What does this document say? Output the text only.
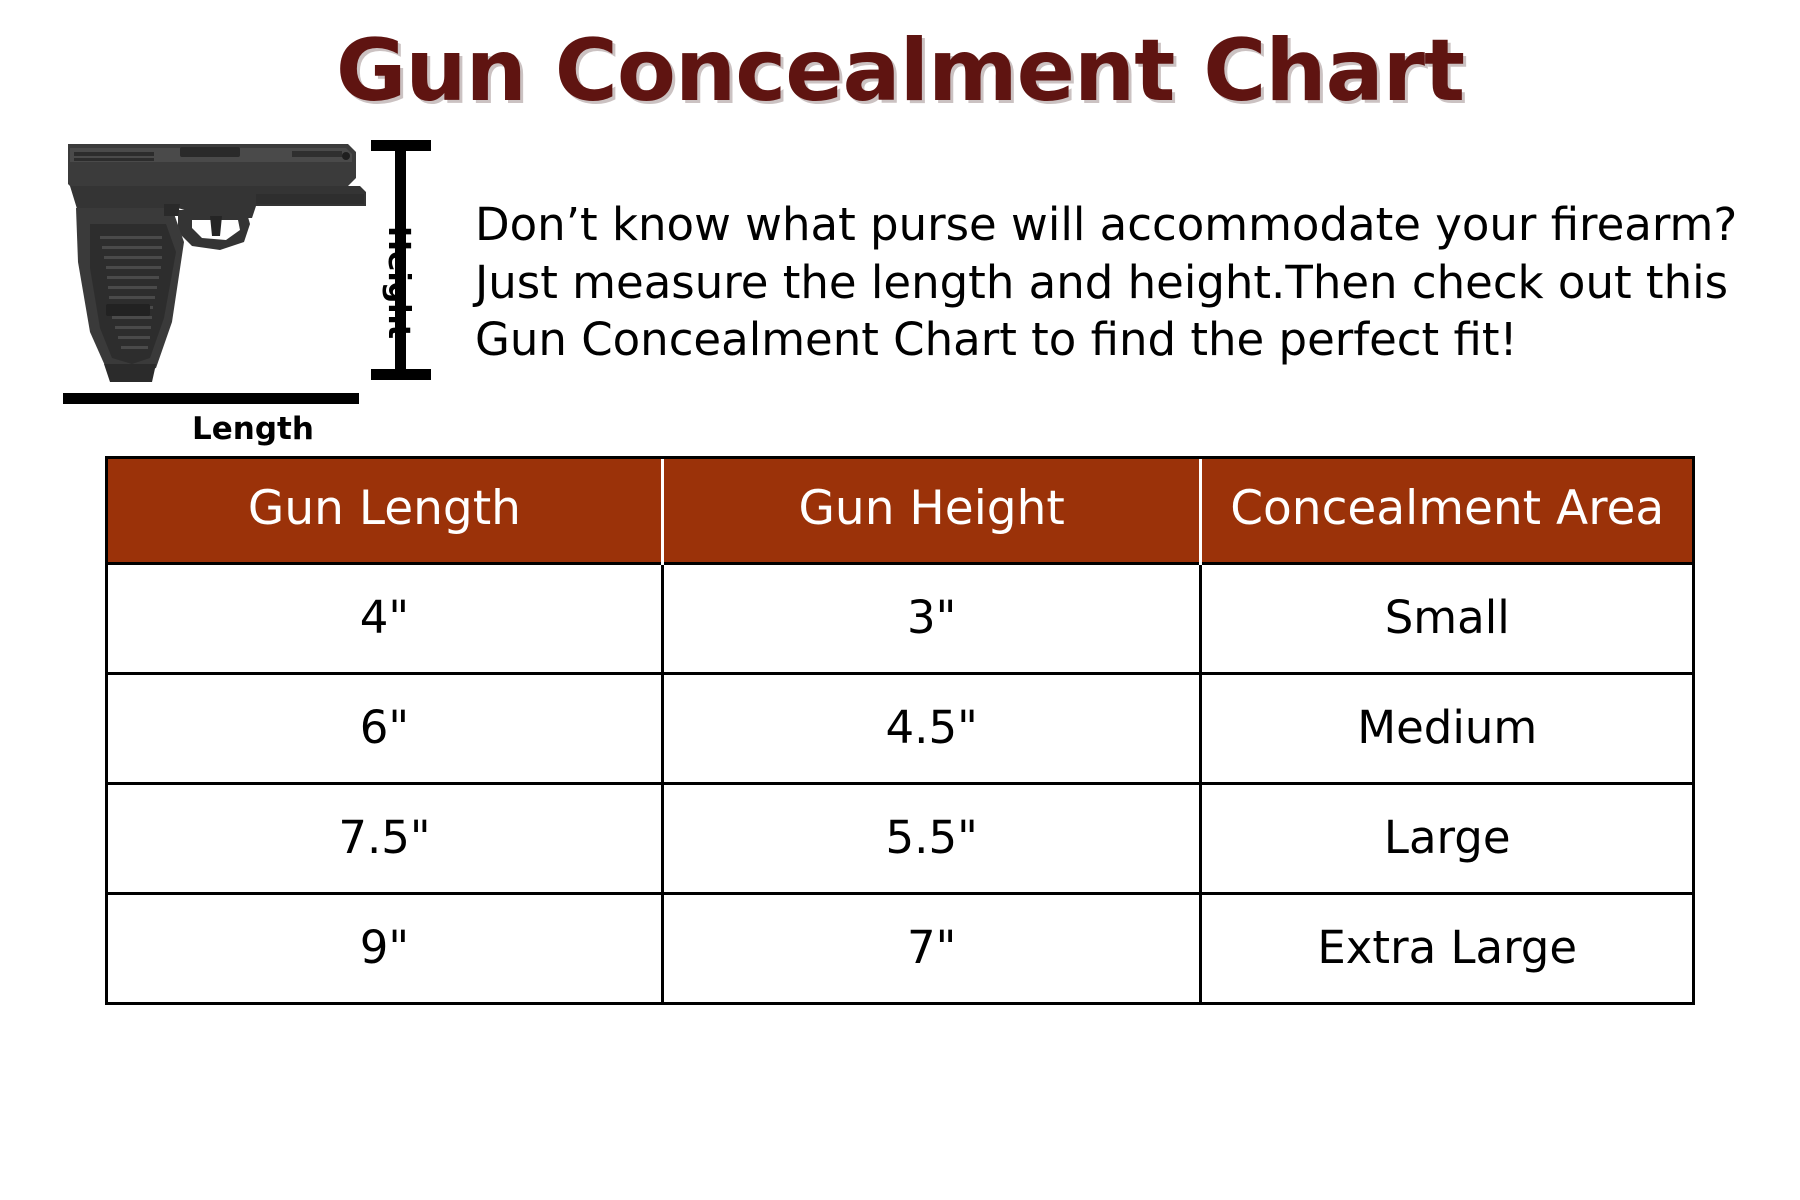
Gun Concealment Chart
Height
Length

Don’t know what purse will accommodate your firearm? Just measure the length and height.Then check out this Gun Concealment Chart to find the perfect fit!

Gun Length	Gun Height	Concealment Area
4"	3"	Small
6"	4.5"	Medium
7.5"	5.5"	Large
9"	7"	Extra Large
